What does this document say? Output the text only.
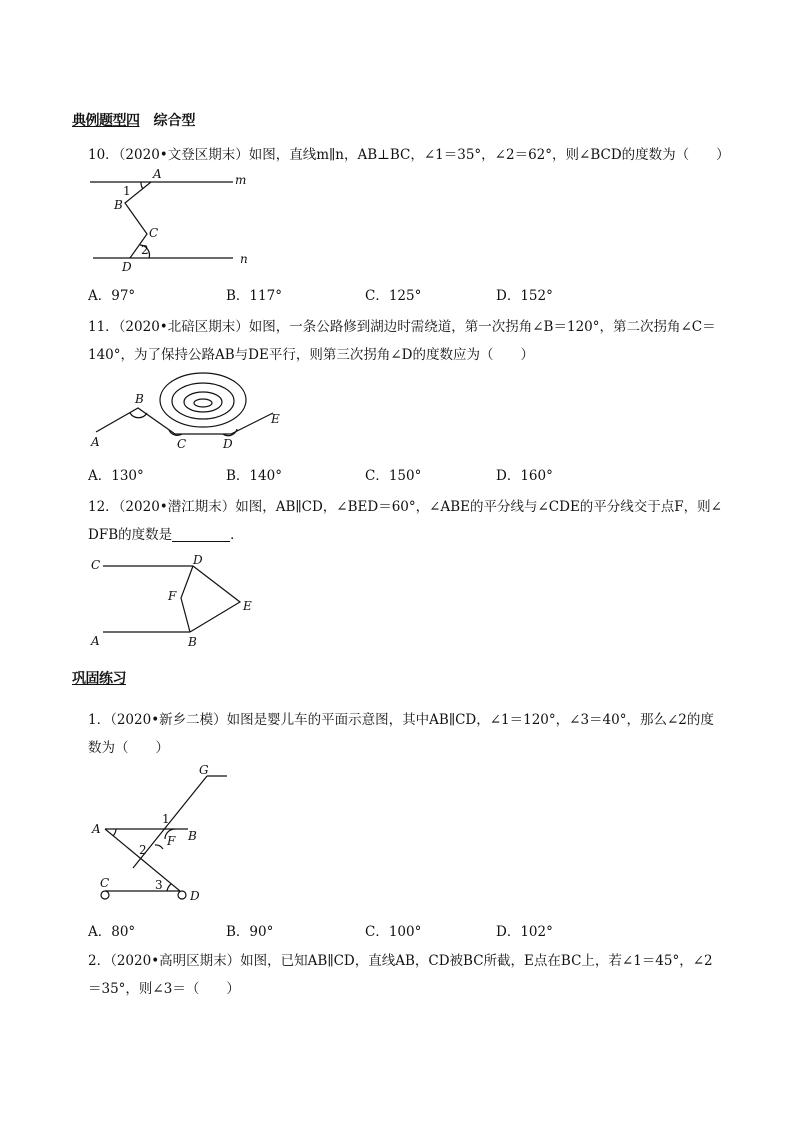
典例题型四 综合型
10．（2020•文登区期末）如图，直线m∥n，AB⊥BC，∠1＝35°，∠2＝62°，则∠BCD的度数为（　　）
A	m
1
B
C
2
D
n
A．97°	B．117°	C．125°	D．152°
11．（2020•北碚区期末）如图，一条公路修到湖边时需绕道，第一次拐角∠B＝120°，第二次拐角∠C＝
140°，为了保持公路AB与DE平行，则第三次拐角∠D的度数应为（　　）
B
A	C	D
E
A．130°	B．140°	C．150°	D．160°
12．（2020•潜江期末）如图，AB∥CD，∠BED＝60°，∠ABE的平分线与∠CDE的平分线交于点F，则∠
DFB的度数是	．
C	D
F
E
A	B
巩固练习
1．（2020•新乡二模）如图是婴儿车的平面示意图，其中AB∥CD，∠1＝120°，∠3＝40°，那么∠2的度
数为（　　）
G
1
A	B
F
2
C	3
D
A．80°	B．90°	C．100°	D．102°
2．（2020•高明区期末）如图，已知AB∥CD，直线AB，CD被BC所截，E点在BC上，若∠1＝45°，∠2
＝35°，则∠3＝（　　）
